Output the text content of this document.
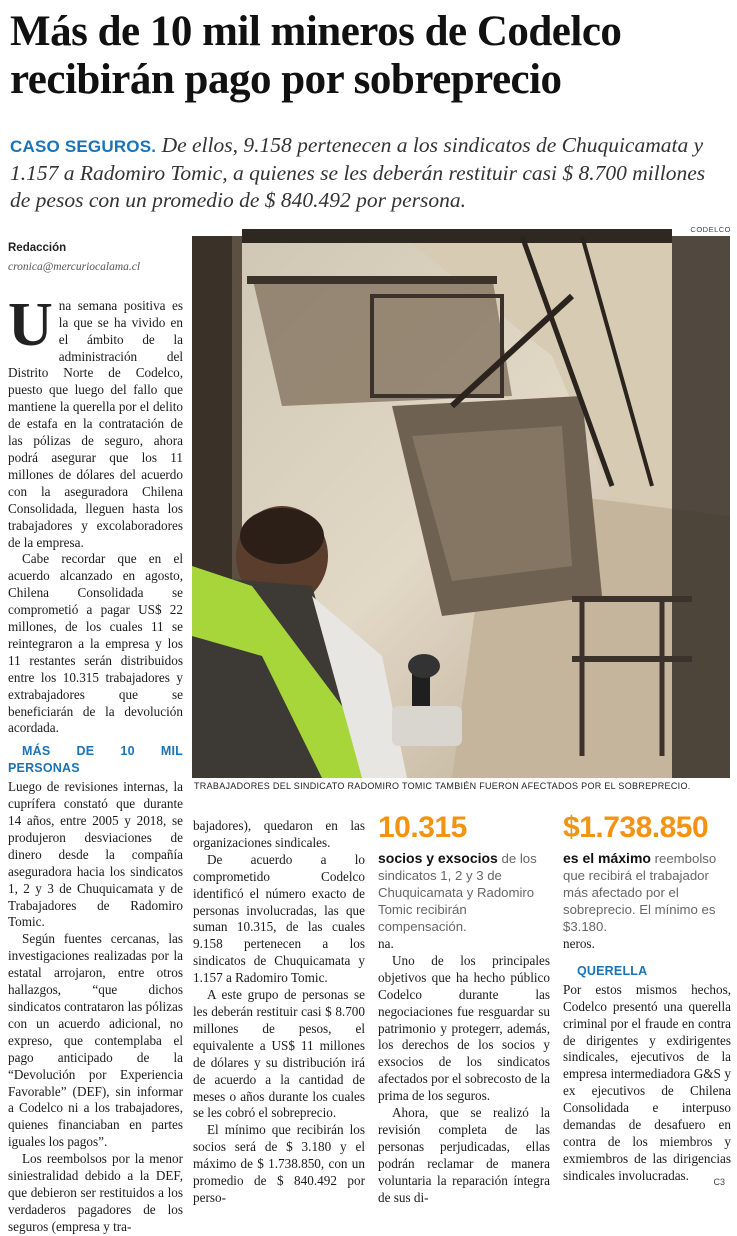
Más de 10 mil mineros de Codelco recibirán pago por sobreprecio
CASO SEGUROS. De ellos, 9.158 pertenecen a los sindicatos de Chuquicamata y 1.157 a Radomiro Tomic, a quienes se les deberán restituir casi $ 8.700 millones de pesos con un promedio de $ 840.492 por persona.
CODELCO
TRABAJADORES DEL SINDICATO RADOMIRO TOMIC TAMBIÉN FUERON AFECTADOS POR EL SOBREPRECIO.
Redacción
cronica@mercuriocalama.cl

Una semana positiva es la que se ha vivido en el ámbito de la administración del Distrito Norte de Codelco, puesto que luego del fallo que mantiene la querella por el delito de estafa en la contratación de las pólizas de seguro, ahora podrá asegurar que los 11 millones de dólares del acuerdo con la aseguradora Chilena Consolidada, lleguen hasta los trabajadores y excolaboradores de la empresa.

Cabe recordar que en el acuerdo alcanzado en agosto, Chilena Consolidada se comprometió a pagar US$ 22 millones, de los cuales 11 se reintegraron a la empresa y los 11 restantes serán distribuidos entre los 10.315 trabajadores y extrabajadores que se beneficiarán de la devolución acordada.

MÁS DE 10 MIL PERSONAS

Luego de revisiones internas, la cuprífera constató que durante 14 años, entre 2005 y 2018, se produjeron desviaciones de dinero desde la compañía aseguradora hacia los sindicatos 1, 2 y 3 de Chuquicamata y de Trabajadores de Radomiro Tomic.

Según fuentes cercanas, las investigaciones realizadas por la estatal arrojaron, entre otros hallazgos, “que dichos sindicatos contrataron las pólizas con un acuerdo adicional, no expreso, que contemplaba el pago anticipado de la “Devolución por Experiencia Favorable” (DEF), sin informar a Codelco ni a los trabajadores, quienes financiaban en partes iguales los pagos”.

Los reembolsos por la menor siniestralidad debido a la DEF, que debieron ser restituidos a los verdaderos pagadores de los seguros (empresa y tra-

bajadores), quedaron en las organizaciones sindicales.

De acuerdo a lo comprometido Codelco identificó el número exacto de personas involucradas, las que suman 10.315, de las cuales 9.158 pertenecen a los sindicatos de Chuquicamata y 1.157 a Radomiro Tomic.

A este grupo de personas se les deberán restituir casi $ 8.700 millones de pesos, el equivalente a US$ 11 millones de dólares y su distribución irá de acuerdo a la cantidad de meses o años durante los cuales se les cobró el sobreprecio.

El mínimo que recibirán los socios será de $ 3.180 y el máximo de $ 1.738.850, con un promedio de $ 840.492 por perso-

10.315
socios y exsocios de los sindicatos 1, 2 y 3 de Chuquicamata y Radomiro Tomic recibirán compensación.
$1.738.850
es el máximo reembolso que recibirá el trabajador más afectado por el sobreprecio. El mínimo es $3.180.

na.

Uno de los principales objetivos que ha hecho público Codelco durante las negociaciones fue resguardar su patrimonio y protegerr, además, los derechos de los socios y exsocios de los sindicatos afectados por el sobrecosto de la prima de los seguros.

Ahora, que se realizó la revisión completa de las personas perjudicadas, ellas podrán reclamar de manera voluntaria la reparación íntegra de sus di-

neros.

QUERELLA

Por estos mismos hechos, Codelco presentó una querella criminal por el fraude en contra de dirigentes y exdirigentes sindicales, ejecutivos de la empresa intermediadora G&S y ex ejecutivos de Chilena Consolidada e interpuso demandas de desafuero en contra de los miembros y exmiembros de las dirigencias sindicales involucradas.	C3
